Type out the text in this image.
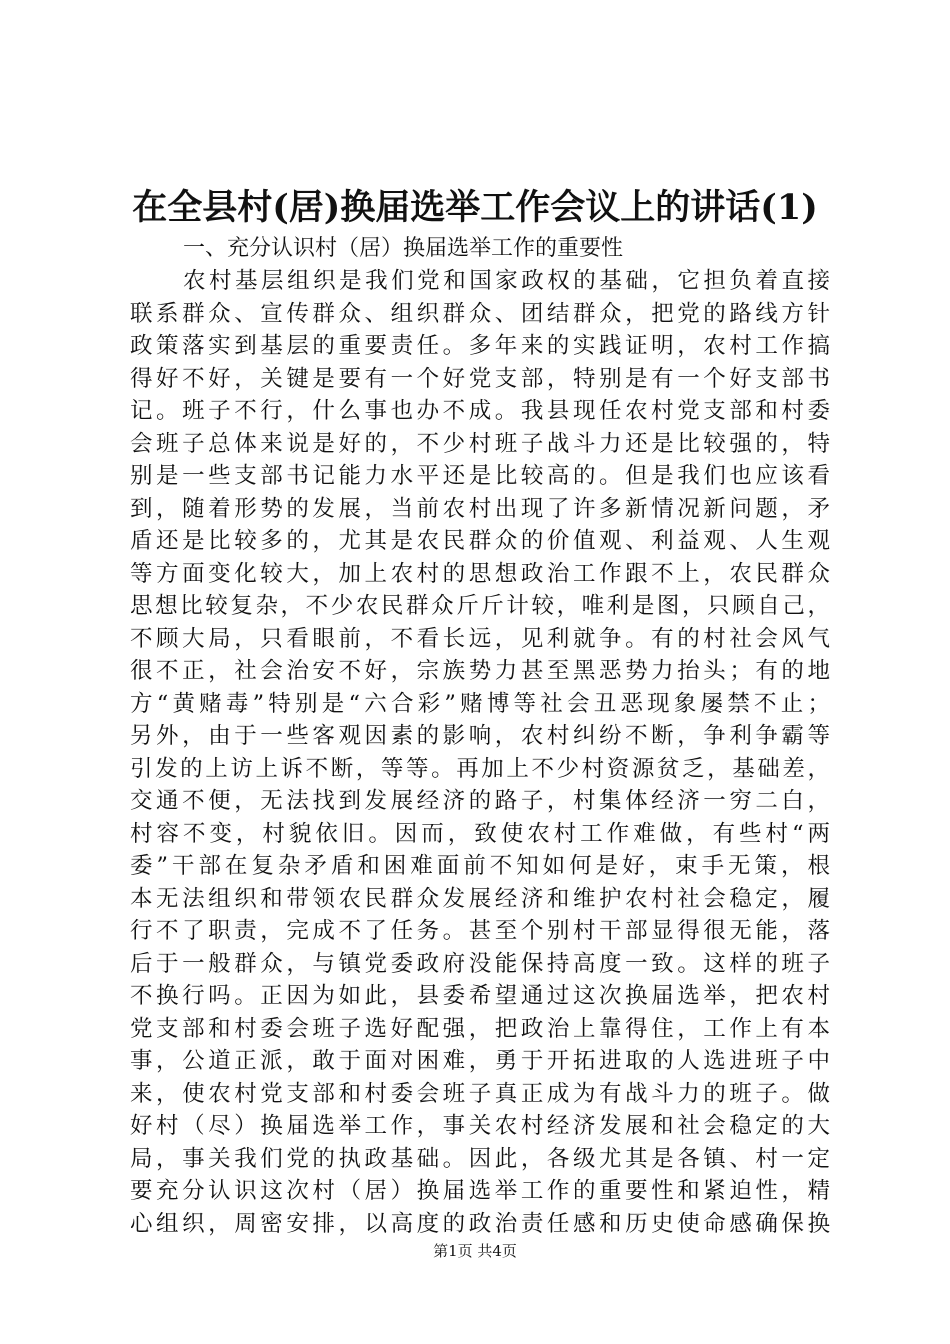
在全县村(居)换届选举工作会议上的讲话(1)
一、充分认识村（居）换届选举工作的重要性
农村基层组织是我们党和国家政权的基础，它担负着直接
联系群众、宣传群众、组织群众、团结群众，把党的路线方针
政策落实到基层的重要责任。多年来的实践证明，农村工作搞
得好不好，关键是要有一个好党支部，特别是有一个好支部书
记。班子不行，什么事也办不成。我县现任农村党支部和村委
会班子总体来说是好的，不少村班子战斗力还是比较强的，特
别是一些支部书记能力水平还是比较高的。但是我们也应该看
到，随着形势的发展，当前农村出现了许多新情况新问题，矛
盾还是比较多的，尤其是农民群众的价值观、利益观、人生观
等方面变化较大，加上农村的思想政治工作跟不上，农民群众
思想比较复杂，不少农民群众斤斤计较，唯利是图，只顾自己，
不顾大局，只看眼前，不看长远，见利就争。有的村社会风气
很不正，社会治安不好，宗族势力甚至黑恶势力抬头；有的地
方“黄赌毒”特别是“六合彩”赌博等社会丑恶现象屡禁不止；
另外，由于一些客观因素的影响，农村纠纷不断，争利争霸等
引发的上访上诉不断，等等。再加上不少村资源贫乏，基础差，
交通不便，无法找到发展经济的路子，村集体经济一穷二白，
村容不变，村貌依旧。因而，致使农村工作难做，有些村“两
委”干部在复杂矛盾和困难面前不知如何是好，束手无策，根
本无法组织和带领农民群众发展经济和维护农村社会稳定，履
行不了职责，完成不了任务。甚至个别村干部显得很无能，落
后于一般群众，与镇党委政府没能保持高度一致。这样的班子
不换行吗。正因为如此，县委希望通过这次换届选举，把农村
党支部和村委会班子选好配强，把政治上靠得住，工作上有本
事，公道正派，敢于面对困难，勇于开拓进取的人选进班子中
来，使农村党支部和村委会班子真正成为有战斗力的班子。做
好村（尽）换届选举工作，事关农村经济发展和社会稳定的大
局，事关我们党的执政基础。因此，各级尤其是各镇、村一定
要充分认识这次村（居）换届选举工作的重要性和紧迫性，精
心组织，周密安排，以高度的政治责任感和历史使命感确保换
第1页 共4页
